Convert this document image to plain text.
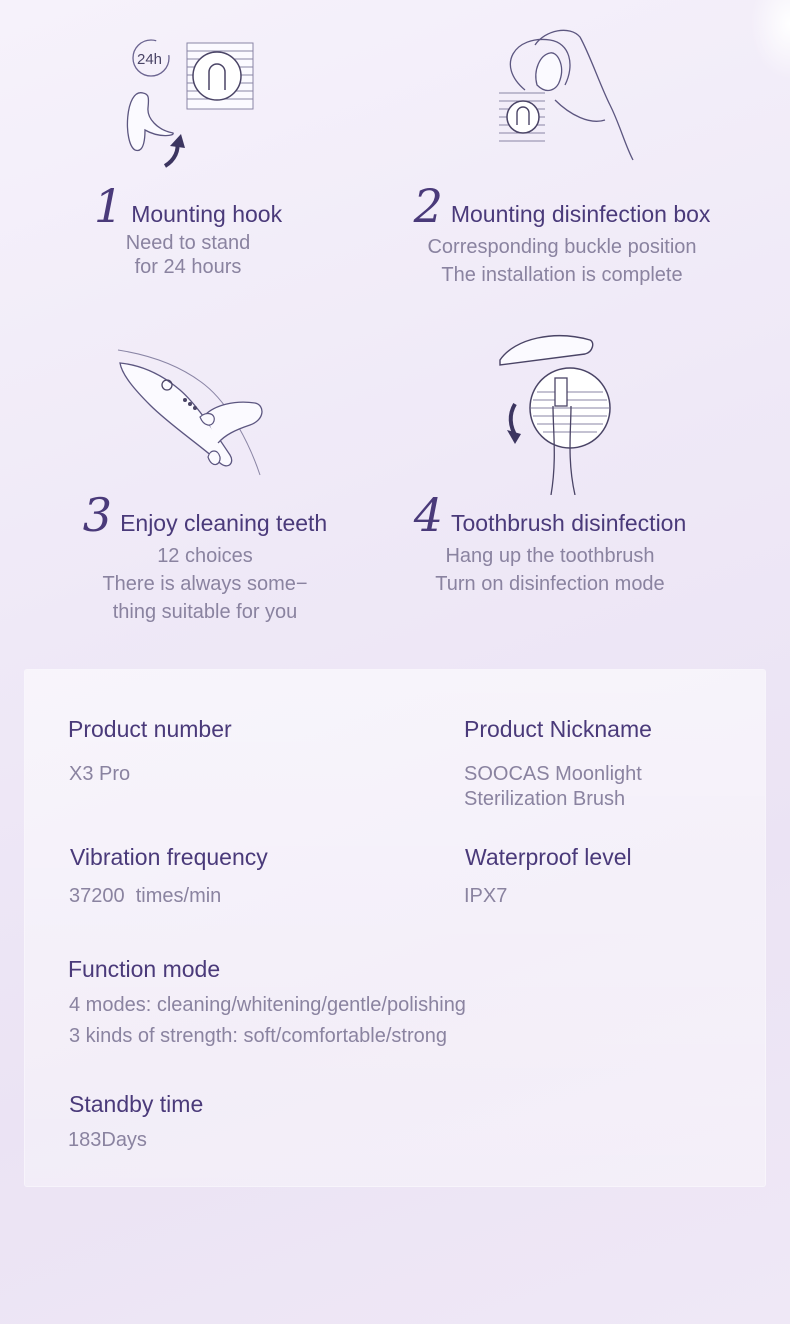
24h
1 Mounting hook
Need to stand
for 24 hours
2 Mounting disinfection box
Corresponding buckle position
The installation is complete
3 Enjoy cleaning teeth
12 choices
There is always some−
thing suitable for you
4 Toothbrush disinfection
Hang up the toothbrush
Turn on disinfection mode
Product number
X3 Pro
Product Nickname
SOOCAS Moonlight
Sterilization Brush
Vibration frequency
37200  times/min
Waterproof level
IPX7
Function mode
4 modes: cleaning/whitening/gentle/polishing
3 kinds of strength: soft/comfortable/strong
Standby time
183Days
